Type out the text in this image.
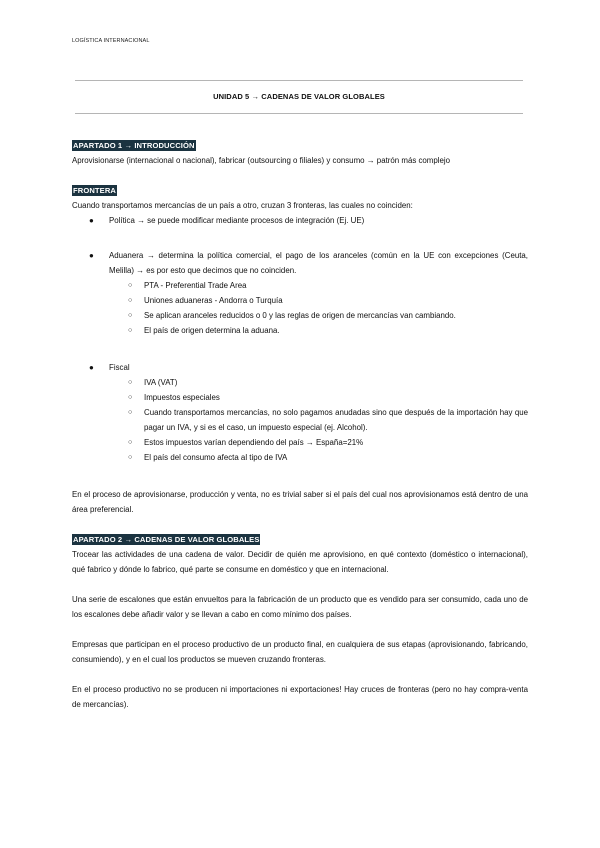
LOGÍSTICA INTERNACIONAL
UNIDAD 5 → CADENAS DE VALOR GLOBALES

APARTADO 1 → INTRODUCCIÓN

Aprovisionarse (internacional o nacional), fabricar (outsourcing o filiales) y consumo → patrón más complejo

FRONTERA

Cuando transportamos mercancías de un país a otro, cruzan 3 fronteras, las cuales no coinciden:

● Política → se puede modificar mediante procesos de integración (Ej. UE)
● Aduanera → determina la política comercial, el pago de los aranceles (común en la UE con excepciones (Ceuta, Melilla) → es por esto que decimos que no coinciden.

○ PTA - Preferential Trade Area
○ Uniones aduaneras - Andorra o Turquía
○ Se aplican aranceles reducidos o 0 y las reglas de origen de mercancías van cambiando.
○ El país de origen determina la aduana.
● Fiscal
○ IVA (VAT)
○ Impuestos especiales
○ Cuando transportamos mercancías, no solo pagamos anudadas sino que después de la importación hay que pagar un IVA, y si es el caso, un impuesto especial (ej. Alcohol).

○ Estos impuestos varían dependiendo del país → España=21%
○ El país del consumo afecta al tipo de IVA

En el proceso de aprovisionarse, producción y venta, no es trivial saber si el país del cual nos aprovisionamos está dentro de una área preferencial.

APARTADO 2 → CADENAS DE VALOR GLOBALES

Trocear las actividades de una cadena de valor. Decidir de quién me aprovisiono, en qué contexto (doméstico o internacional), qué fabrico y dónde lo fabrico, qué parte se consume en doméstico y que en internacional.

Una serie de escalones que están envueltos para la fabricación de un producto que es vendido para ser consumido, cada uno de los escalones debe añadir valor y se llevan a cabo en como mínimo dos países.

Empresas que participan en el proceso productivo de un producto final, en cualquiera de sus etapas (aprovisionando, fabricando, consumiendo), y en el cual los productos se mueven cruzando fronteras.

En el proceso productivo no se producen ni importaciones ni exportaciones! Hay cruces de fronteras (pero no hay compra-venta de mercancías).
